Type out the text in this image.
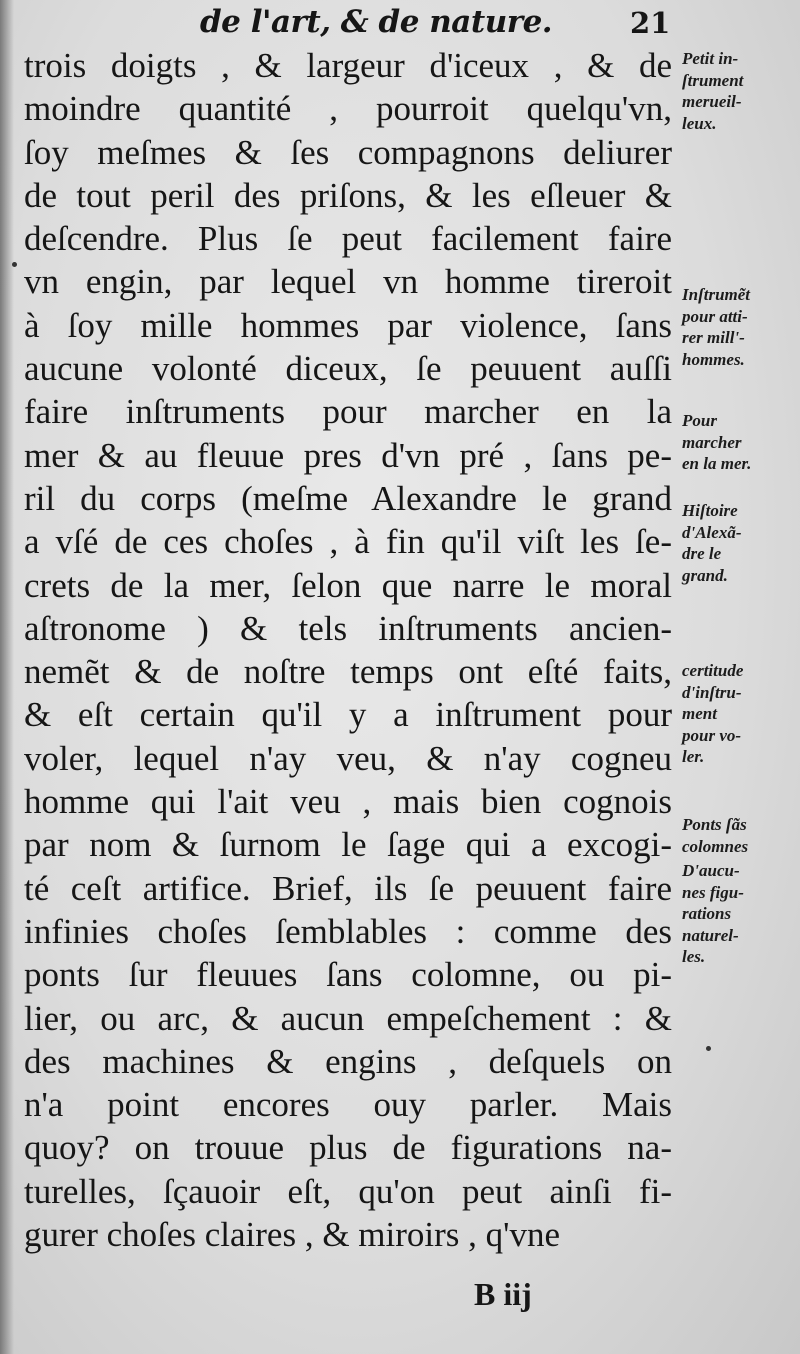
de l'art, & de nature.	21
trois doigts , & largeur d'iceux , & de
moindre quantité , pourroit quelqu'vn,
ſoy meſmes & ſes compagnons deliurer
de tout peril des priſons, & les eſleuer &
deſcendre. Plus ſe peut facilement faire
vn engin, par lequel vn homme tireroit
à ſoy mille hommes par violence, ſans
aucune volonté diceux, ſe peuuent auſſi
faire inſtruments pour marcher en la
mer & au fleuue pres d'vn pré , ſans pe-
ril du corps (meſme Alexandre le grand
a vſé de ces choſes , à fin qu'il viſt les ſe-
crets de la mer, ſelon que narre le moral
aſtronome ) & tels inſtruments ancien-
nemẽt & de noſtre temps ont eſté faits,
& eſt certain qu'il y a inſtrument pour
voler, lequel n'ay veu, & n'ay cogneu
homme qui l'ait veu , mais bien cognois
par nom & ſurnom le ſage qui a excogi-
té ceſt artifice. Brief, ils ſe peuuent faire
infinies choſes ſemblables : comme des
ponts ſur fleuues ſans colomne, ou pi-
lier, ou arc, & aucun empeſchement : &
des machines & engins , deſquels on
n'a point encores ouy parler. Mais
quoy? on trouue plus de figurations na-
turelles, ſçauoir eſt, qu'on peut ainſi fi-
gurer choſes claires , & miroirs , q'vne
Petit in-
ſtrument
merueil-
leux.
Inſtrumẽt
pour atti-
rer mill'-
hommes.
Pour
marcher
en la mer.
Hiſtoire
d'Alexã-
dre le
grand.
certitude
d'inſtru-
ment
pour vo-
ler.
Ponts ſãs
colomnes
D'aucu-
nes figu-
rations
naturel-
les.
B iij
